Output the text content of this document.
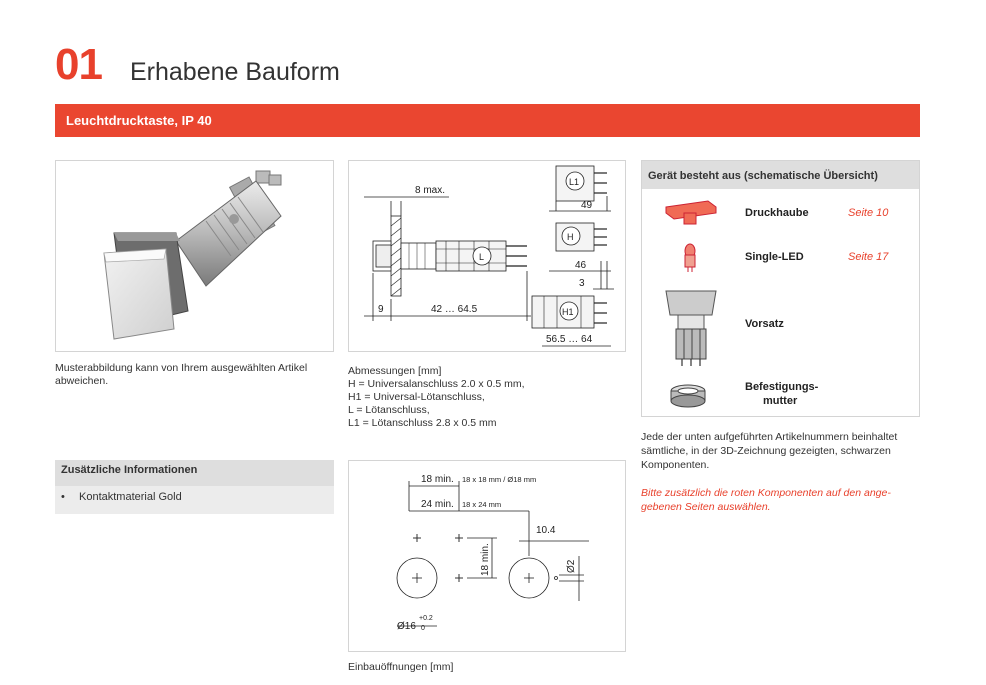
01 Erhabene Bauform
Leuchtdrucktaste, IP 40
Musterabbildung kann von Ihrem ausgewählten Artikel abweichen.
8 max.
9	42 … 64.5
49
46
3
56.5 … 64
L1
H
L
H1
Abmessungen [mm]
H = Universalanschluss 2.0 x 0.5 mm,
H1 = Universal-Lötanschluss,
L = Lötanschluss,
L1 = Lötanschluss 2.8 x 0.5 mm
18 min. 18 x 18 mm / Ø18 mm
24 min. 18 x 24 mm
10.4
18 min.	Ø2
Ø16
+0.2
0
Einbauöffnungen [mm]
Zusätzliche Informationen
• Kontaktmaterial Gold
Gerät besteht aus (schematische Übersicht)
Druckhaube	Seite 10
Single-LED	Seite 17
Vorsatz
Befestigungs-
mutter
Jede der unten aufgeführten Artikelnummern beinhaltet sämtliche, in der 3D-Zeichnung gezeigten, schwarzen Komponenten.
Bitte zusätzlich die roten Komponenten auf den ange-gebenen Seiten auswählen.
